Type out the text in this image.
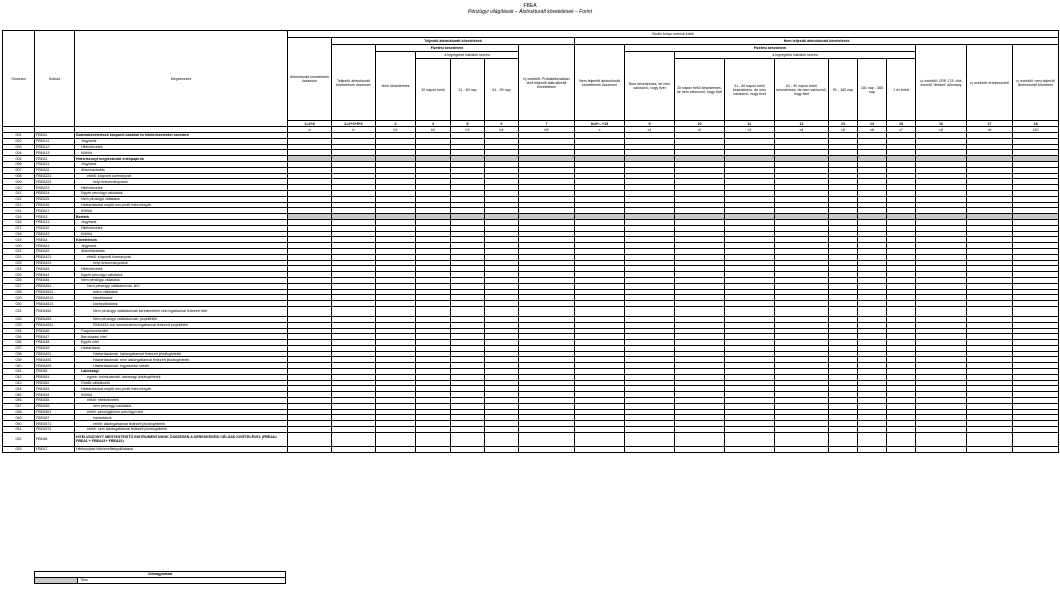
FBEA
Pénzügyi világítások – Átstrukturált követelések – Forint
Sorszám	Sorkód	Megnevezés	Bruttó könyv szerinti érték																	
			Átstrukturált követelések összesen	Teljesítő átstrukturált követelések						Nem teljesítő átstrukturált követelések										
				Teljesítő átstrukturált követelések összesen	Fizetési késedelem				b) ezekből: Próbaidőszakban lévő teljesítő átstrukturált követelések	Nem teljesítő átstrukturált követelések összesen	Fizetési késedelem							c) ezekből: CRR 178. cikk szerinti "default" állomány	c) ezekből: értékvesztett	c) ezekből: nem teljesítő átstrukturált követelés
					Nem késedelmes	a legrégebbi hátralék szerint					Nem késedelmes, de nem valószínű, hogy fizet	a legrégebbi hátralék szerint								
						30 napon belül	31 - 60 nap	61 - 90 nap				30 napon belül késedelmes, de nem valószínű, hogy fizet	31 - 60 napon belül késedelmes, de nem valószínű, hogy fizet	61 - 90 napon belül késedelmes, de nem valószínű, hogy fizet	91 - 180 nap	181 nap - 365 nap	1 év felett			
			1=2+8	2=3+4+5+6	3	4	5	6	7	8=9+...+15	9	10	11	12	13	14	15	16	17	18
			a	b	b1	b2	b3	b4	b5	c	c1	c2	c3	c4	c5	c6	c7	c8	c9	c10
001	FBEA1	Számlakövetelések központi bankkal és hitelintézetekkel szemben																		
002	FBEA11	Jegybank																		
003	FBEA12	Hitelintézetek																		
004	FBEA13	Külföld																		
005	FBEA2	Hitelviszonyt megtestesítő értékpapírok																		
006	FBEA21	Jegybank																		
007	FBEA22	Államháztartás																		
008	FBEA221	ebből: központi kormányzat																		
009	FBEA222	helyi önkormányzatok																		
010	FBEA23	Hitelintézetek																		
011	FBEA24	Egyéb pénzügyi vállalatok																		
012	FBEA25	Nem pénzügyi vállalatok																		
013	FBEA26	Háztartásokat segítő non-profit intézmények																		
014	FBEA27	Külföld																		
015	FBEA3	Betétek																		
016	FBEA31	Jegybank																		
017	FBEA32	Hitelintézetek																		
018	FBEA33	Külföld																		
019	FBEA4	Követelések																		
020	FBEA41	Jegybank																		
021	FBEA42	Államháztartás																		
022	FBEA421	ebből: központi kormányzat																		
023	FBEA422	helyi önkormányzatok																		
024	FBEA43	Hitelintézetek																		
025	FBEA44	Egyéb pénzügyi vállalatok																		
026	FBEA45	Nem pénzügyi vállalatok																		
027	FBEA451	Nem pénzügyi vállalatoknak: kkV																		
028	FBEA4511	mikro vállalatok																		
029	FBEA4512	kisvállalatok																		
030	FBEA4513	középvállalatok																		
031	FBEA452	Nem pénzügyi vállalatoknak kereskedelmi célú ingatlannal fedezett hitel																		
032	FBEA453	Nem pénzügyi vállalatoknak: projekthitel																		
033	FBEA4531	FBEA453-ból: kereskedelmi ingatlannal fedezett projekthitel																		
034	FBEA46	Forgóeszközhitel																		
035	FBEA47	Beruházási hitel																		
036	FBEA48	Egyéb hitel																		
037	FBEA49	Háztartások																		
038	FBEA491	Háztartásoknak: lakóingatlannal fedezett jelzáloghitelek																		
039	FBEA492	Háztartásoknak: nem lakóingatlannal fedezett jelzáloghitelek																		
040	FBEA493	Háztartásoknak: fogyasztási hitelek																		
041	FBEA5	Lakossági																		
042	FBEA51	egyéb: forintszámlák: lakossági jelzáloghitelek																		
043	FBEA52	Önálló vállalkozók																		
044	FBEA53	Háztartásokat segítő non-profit intézmények																		
045	FBEA54	Külföld																		
046	FBEA55	ebből: hitelintézetek																		
047	FBEA56	nem pénzügyi vállalatok																		
048	FBEA561	ebből: pénzügyi/nem pénzügyi hitel																		
049	FBEA57	háztartások																		
050	FBEA571	ebből: lakóingatlannal fedezett jelzáloghitelek																		
051	FBEA572	ebből: nem lakóingatlannal fedezett jelzáloghitelek																		
052	FBEA6	HITELVISZONYT MEGTESTESÍTŐ INSTRUMENTUMOK ÖSSZESEN A KERESKEDÉSI CÉLÚAK KIVÉTELÉVEL (FBEA6= FBEA1 + FBEA21+ FBEA22)																		
053	FBEA7	Hitelnyújtási kötelezettségvállalások																		
Jelmagyarázat
	Titos
